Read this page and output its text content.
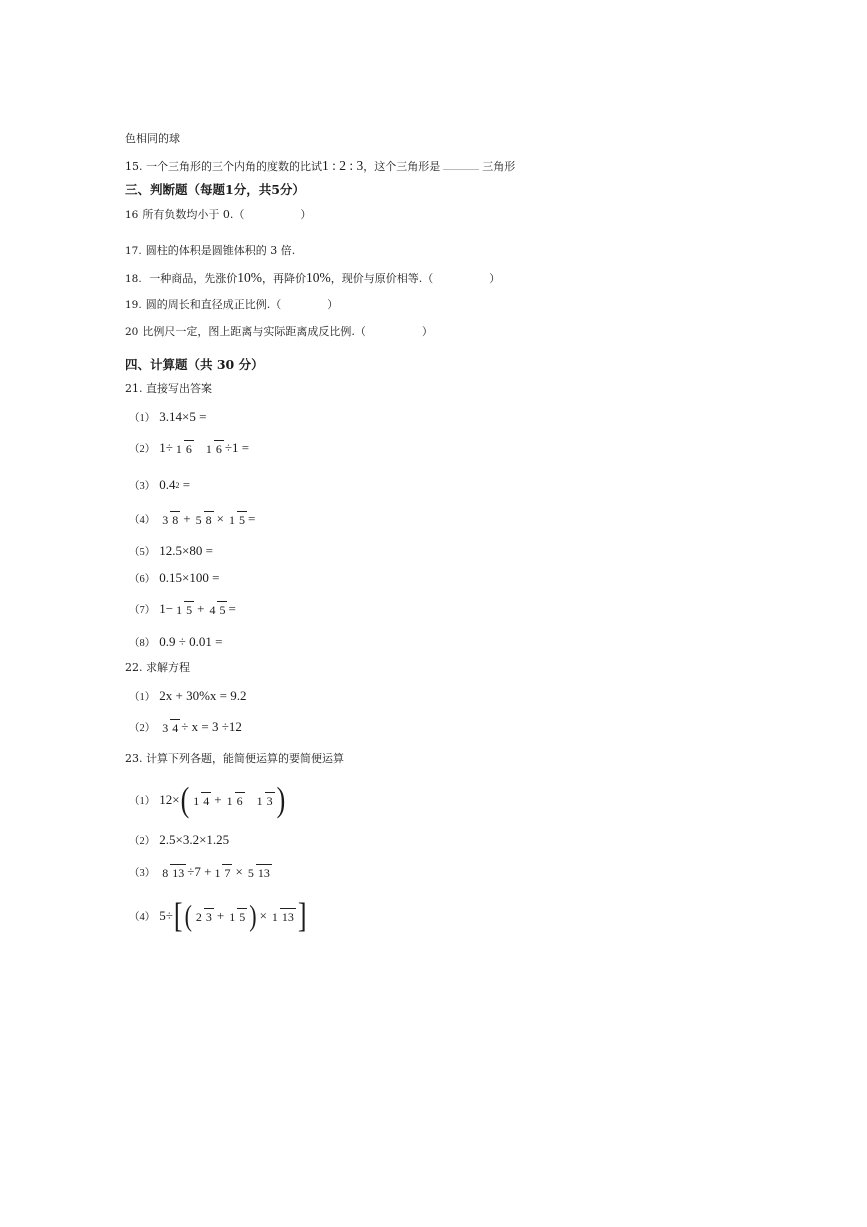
色相同的球
15. 一个三角形的三个内角的度数的比试1 : 2 : 3，这个三角形是	三角形
三、判断题（每题1分，共5分）
16 所有负数均小于 0.（	）
17. 圆柱的体积是圆锥体积的 3 倍.
18. 一种商品，先涨价10%，再降价10%，现价与原价相等.（	）
19. 圆的周长和直径成正比例.（	）
20 比例尺一定，图上距离与实际距离成反比例.（	）
四、计算题（共 30 分）
21. 直接写出答案
（1） 3.14×5 =
（2） 1÷ 1 6 1 6 ÷1 =
（3） 0.4 2 =
（4） 3 8 + 5 8 × 1 5 =
（5） 12.5×80 =
（6） 0.15×100 =
（7） 1− 1 5 + 4 5 =
（8） 0.9 ÷ 0.01 =
22. 求解方程
（1） 2x + 30%x = 9.2
（2） 3 4 ÷ x = 3 ÷12
23. 计算下列各题，能简便运算的要简便运算
（1） 12× ( 1 4 + 1 6 1 3 )
（2） 2.5×3.2×1.25
（3） 8 13 ÷7 + 1 7 × 5 13
（4） 5÷ [ ( 2 3 + 1 5 ) × 1 13 ]
